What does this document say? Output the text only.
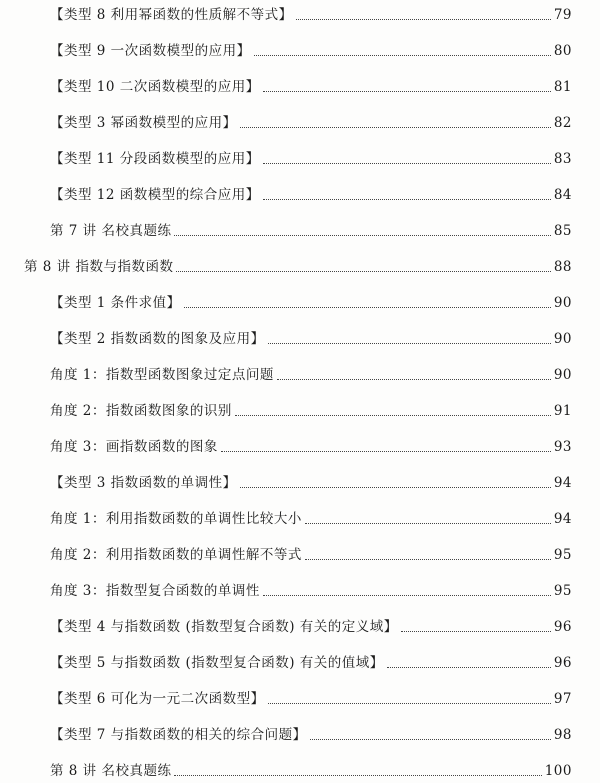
【类型 8 利用幂函数的性质解不等式】	79
【类型 9 一次函数模型的应用】	80
【类型 10 二次函数模型的应用】	81
【类型 3 幂函数模型的应用】	82
【类型 11 分段函数模型的应用】	83
【类型 12 函数模型的综合应用】	84
第 7 讲 名校真题练	85
第 8 讲 指数与指数函数	88
【类型 1 条件求值】	90
【类型 2 指数函数的图象及应用】	90
角度 1：指数型函数图象过定点问题	90
角度 2：指数函数图象的识别	91
角度 3：画指数函数的图象	93
【类型 3 指数函数的单调性】	94
角度 1：利用指数函数的单调性比较大小	94
角度 2：利用指数函数的单调性解不等式	95
角度 3：指数型复合函数的单调性	95
【类型 4 与指数函数 (指数型复合函数) 有关的定义域】	96
【类型 5 与指数函数 (指数型复合函数) 有关的值域】	96
【类型 6 可化为一元二次函数型】	97
【类型 7 与指数函数的相关的综合问题】	98
第 8 讲 名校真题练	100
